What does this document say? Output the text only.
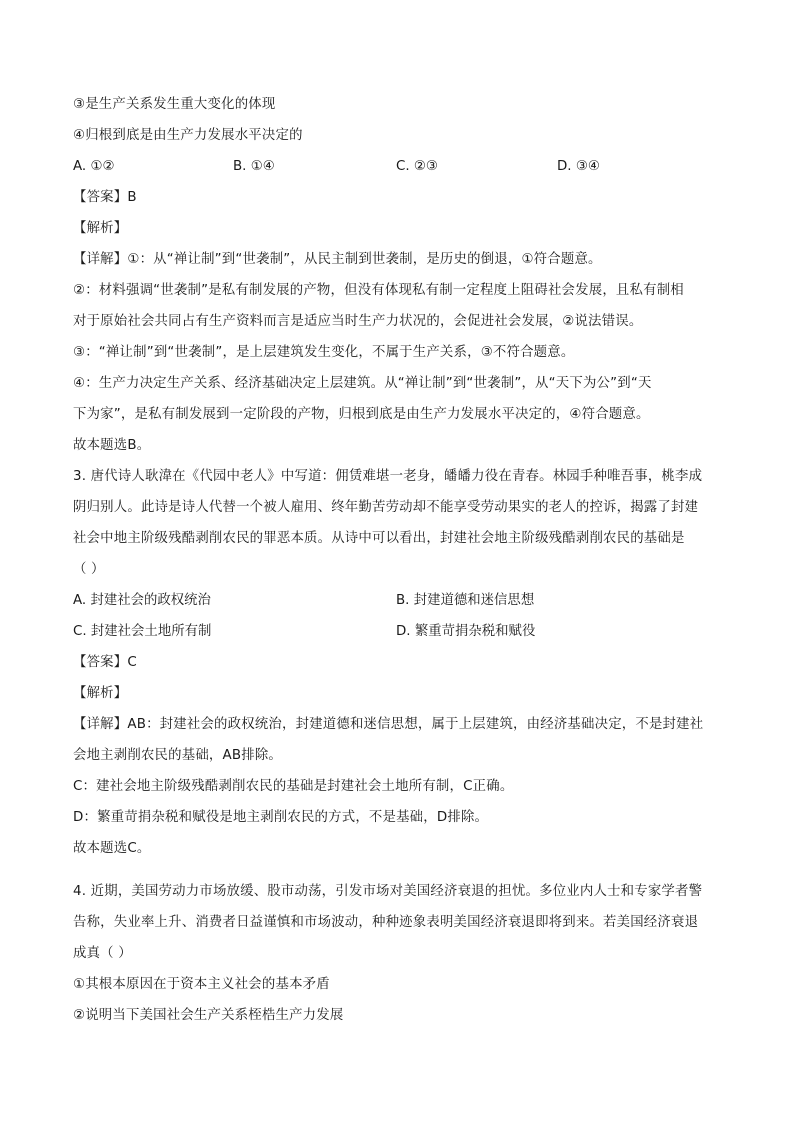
③是生产关系发生重大变化的体现
④归根到底是由生产力发展水平决定的
A. ①②	B. ①④	C. ②③	D. ③④
【答案】B
【解析】
【详解】①：从“禅让制”到“世袭制”，从民主制到世袭制，是历史的倒退，①符合题意。
②：材料强调“世袭制”是私有制发展的产物，但没有体现私有制一定程度上阻碍社会发展，且私有制相
对于原始社会共同占有生产资料而言是适应当时生产力状况的，会促进社会发展，②说法错误。
③：“禅让制”到“世袭制”，是上层建筑发生变化，不属于生产关系，③不符合题意。
④：生产力决定生产关系、经济基础决定上层建筑。从“禅让制”到“世袭制”，从“天下为公”到“天
下为家”，是私有制发展到一定阶段的产物，归根到底是由生产力发展水平决定的，④符合题意。
故本题选B。
3. 唐代诗人耿湋在《代园中老人》中写道：佣赁难堪一老身，皤皤力役在青春。林园手种唯吾事，桃李成
阴归别人。此诗是诗人代替一个被人雇用、终年勤苦劳动却不能享受劳动果实的老人的控诉，揭露了封建
社会中地主阶级残酷剥削农民的罪恶本质。从诗中可以看出，封建社会地主阶级残酷剥削农民的基础是
（ ）
A. 封建社会的政权统治	B. 封建道德和迷信思想
C. 封建社会土地所有制	D. 繁重苛捐杂税和赋役
【答案】C
【解析】
【详解】AB：封建社会的政权统治，封建道德和迷信思想，属于上层建筑，由经济基础决定，不是封建社
会地主剥削农民的基础，AB排除。
C：建社会地主阶级残酷剥削农民的基础是封建社会土地所有制，C正确。
D：繁重苛捐杂税和赋役是地主剥削农民的方式，不是基础，D排除。
故本题选C。
4. 近期，美国劳动力市场放缓、股市动荡，引发市场对美国经济衰退的担忧。多位业内人士和专家学者警
告称，失业率上升、消费者日益谨慎和市场波动，种种迹象表明美国经济衰退即将到来。若美国经济衰退
成真（ ）
①其根本原因在于资本主义社会的基本矛盾
②说明当下美国社会生产关系桎梏生产力发展
